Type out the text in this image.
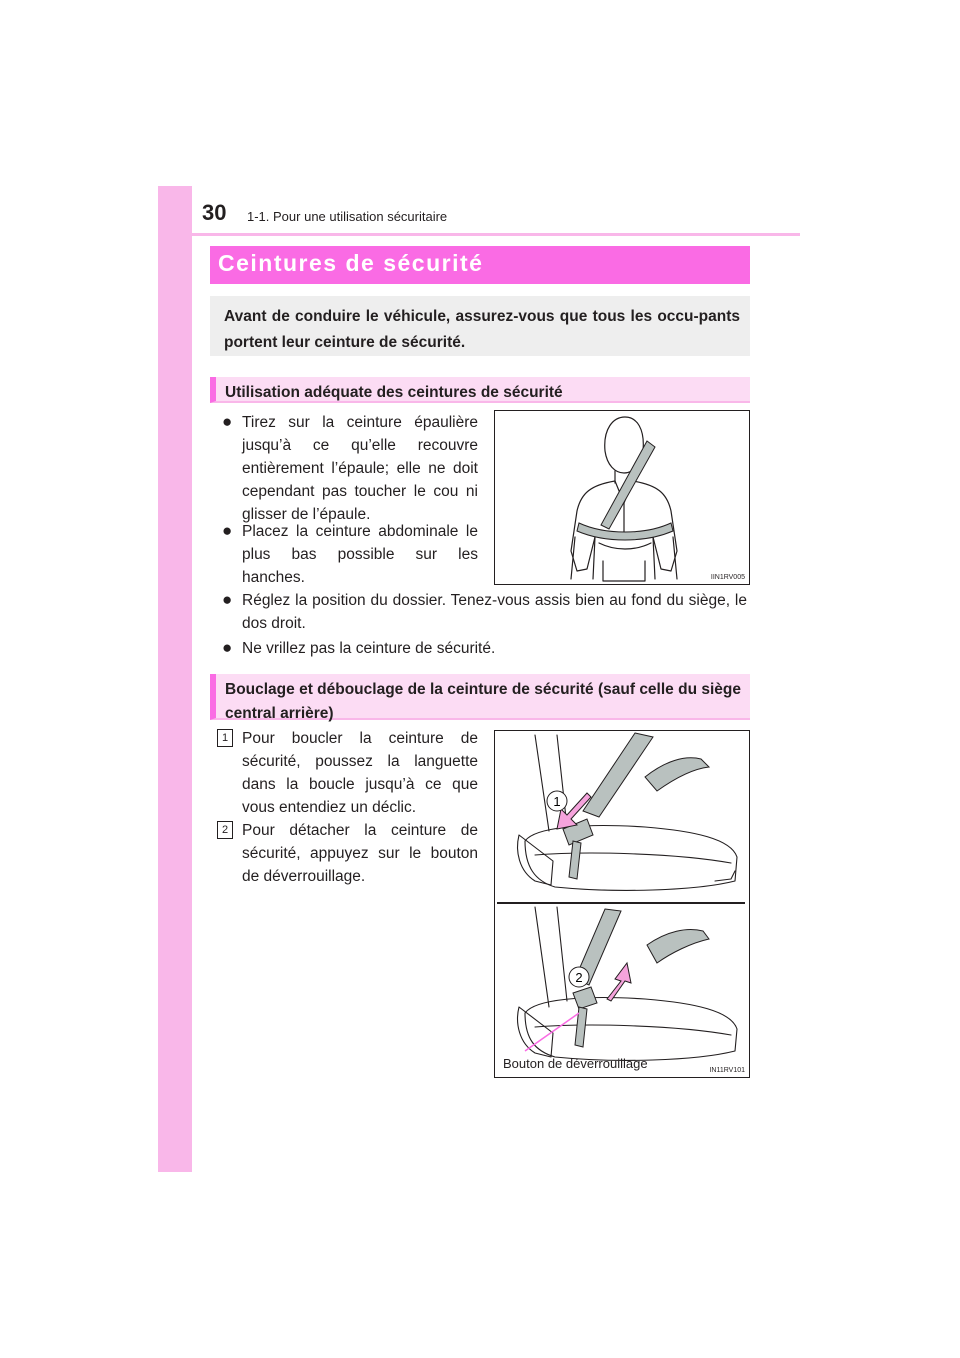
30 1-1. Pour une utilisation sécuritaire
Ceintures de sécurité
Avant de conduire le véhicule, assurez-vous que tous les occu-pants portent leur ceinture de sécurité.
Utilisation adéquate des ceintures de sécurité
● Tirez sur la ceinture épaulière jusqu’à ce qu’elle recouvre entièrement l’épaule; elle ne doit cependant pas toucher le cou ni glisser de l’épaule.
● Placez la ceinture abdominale le plus bas possible sur les hanches.
● Réglez la position du dossier. Tenez-vous assis bien au fond du siège, le dos droit.
● Ne vrillez pas la ceinture de sécurité.
IIN1RV005
Bouclage et débouclage de la ceinture de sécurité (sauf celle du siège central arrière)
1 Pour boucler la ceinture de sécurité, poussez la languette dans la boucle jusqu’à ce que vous entendiez un déclic.
2 Pour détacher la ceinture de sécurité, appuyez sur le bouton de déverrouillage.
1
2
Bouton de déverrouillage	IN11RV101
